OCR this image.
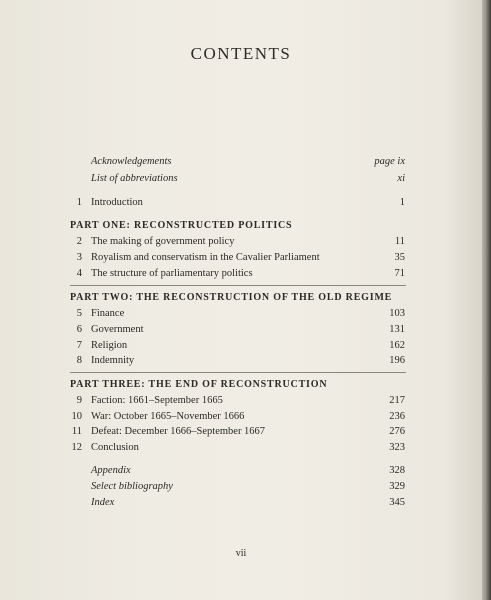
CONTENTS
Acknowledgements	page ix
List of abbreviations	xi
1 Introduction	1
PART ONE: RECONSTRUCTED POLITICS
2 The making of government policy	11
3 Royalism and conservatism in the Cavalier Parliament	35
4 The structure of parliamentary politics	71
PART TWO: THE RECONSTRUCTION OF THE OLD REGIME
5 Finance	103
6 Government	131
7 Religion	162
8 Indemnity	196
PART THREE: THE END OF RECONSTRUCTION
9 Faction: 1661–September 1665	217
10 War: October 1665–November 1666	236
11 Defeat: December 1666–September 1667	276
12 Conclusion	323
Appendix	328
Select bibliography	329
Index	345
vii
